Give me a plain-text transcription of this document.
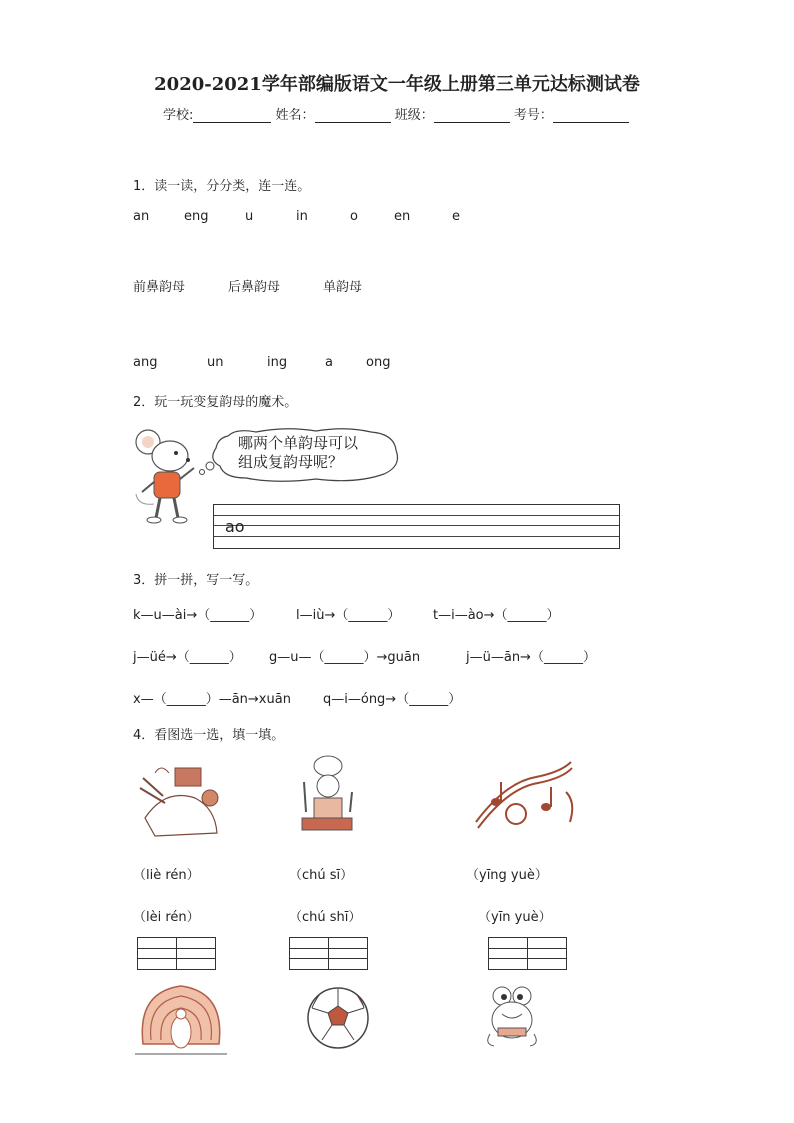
2020-2021学年部编版语文一年级上册第三单元达标测试卷
学校:	姓名：	班级：	考号：
1．读一读，分分类，连一连。
an	eng	u	in	o	en	e
前鼻韵母	后鼻韵母	单韵母
ang	un	ing	a	ong
2．玩一玩变复韵母的魔术。
哪两个单韵母可以
组成复韵母呢？
ao
3．拼一拼，写一写。
k—u—ài→（______）	l—iù→（______）	t—i—ào→（______）
j—üé→（______） g—u—（______）→guān	j—ü—ān→（______）
x—（______）—ān→xuān q—i—óng→（______）
4．看图选一选，填一填。
（liè rén）	（chú sī）	（yīng yuè）
（lèi rén）	（chú shī）	（yīn yuè）
